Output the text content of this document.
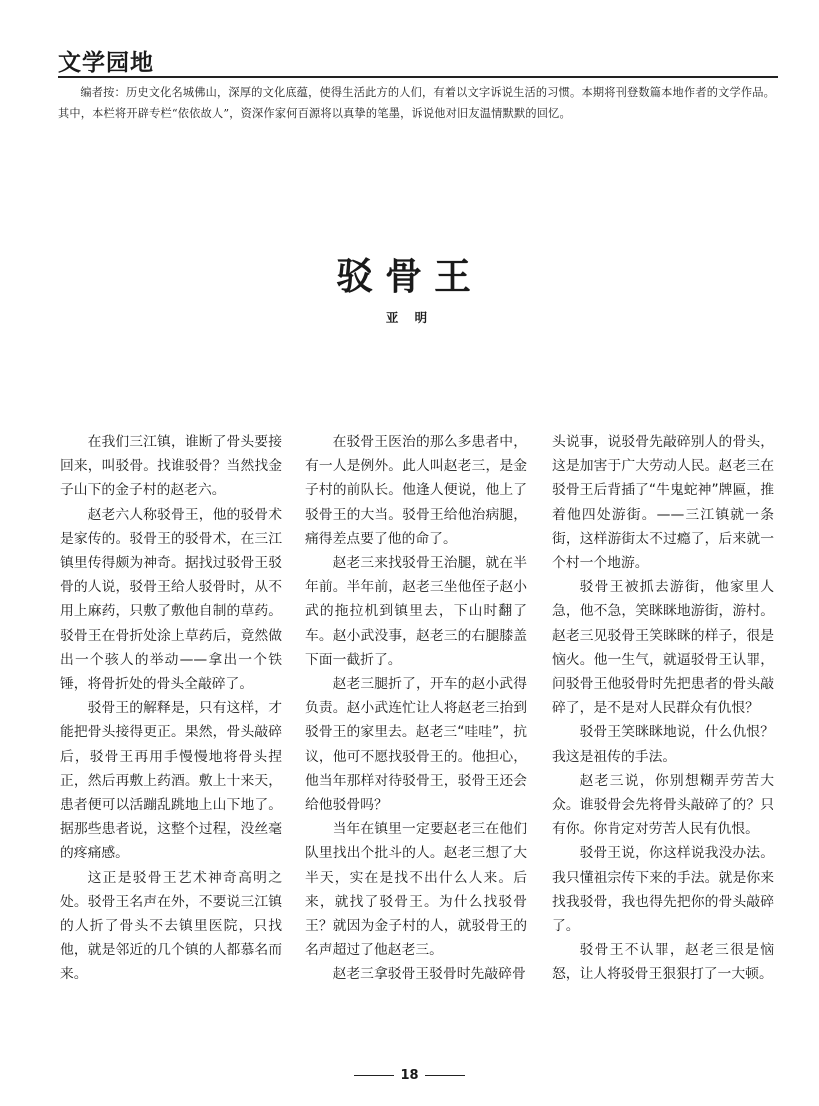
文学园地
编者按：历史文化名城佛山，深厚的文化底蕴，使得生活此方的人们，有着以文字诉说生活的习惯。本期将刊登数篇本地作者的文学作品。其中，本栏将开辟专栏“依依故人”，资深作家何百源将以真挚的笔墨，诉说他对旧友温情默默的回忆。
驳骨王
亚 明

在我们三江镇，谁断了骨头要接回来，叫驳骨。找谁驳骨？当然找金子山下的金子村的赵老六。

赵老六人称驳骨王，他的驳骨术是家传的。驳骨王的驳骨术，在三江镇里传得颇为神奇。据找过驳骨王驳骨的人说，驳骨王给人驳骨时，从不用上麻药，只敷了敷他自制的草药。驳骨王在骨折处涂上草药后，竟然做出一个骇人的举动——拿出一个铁锤，将骨折处的骨头全敲碎了。

驳骨王的解释是，只有这样，才能把骨头接得更正。果然，骨头敲碎后，驳骨王再用手慢慢地将骨头捏正，然后再敷上药酒。敷上十来天，患者便可以活蹦乱跳地上山下地了。据那些患者说，这整个过程，没丝毫的疼痛感。

这正是驳骨王艺术神奇高明之处。驳骨王名声在外，不要说三江镇的人折了骨头不去镇里医院，只找他，就是邻近的几个镇的人都慕名而来。

在驳骨王医治的那么多患者中，有一人是例外。此人叫赵老三，是金子村的前队长。他逢人便说，他上了驳骨王的大当。驳骨王给他治病腿，痛得差点要了他的命了。

赵老三来找驳骨王治腿，就在半年前。半年前，赵老三坐他侄子赵小武的拖拉机到镇里去，下山时翻了车。赵小武没事，赵老三的右腿膝盖下面一截折了。

赵老三腿折了，开车的赵小武得负责。赵小武连忙让人将赵老三抬到驳骨王的家里去。赵老三“哇哇”，抗议，他可不愿找驳骨王的。他担心，他当年那样对待驳骨王，驳骨王还会给他驳骨吗？

当年在镇里一定要赵老三在他们队里找出个批斗的人。赵老三想了大半天，实在是找不出什么人来。后来，就找了驳骨王。为什么找驳骨王？就因为金子村的人，就驳骨王的名声超过了他赵老三。

赵老三拿驳骨王驳骨时先敲碎骨

头说事，说驳骨先敲碎别人的骨头，这是加害于广大劳动人民。赵老三在驳骨王后背插了“牛鬼蛇神”牌匾，推着他四处游街。——三江镇就一条街，这样游街太不过瘾了，后来就一个村一个地游。

驳骨王被抓去游街，他家里人急，他不急，笑眯眯地游街，游村。赵老三见驳骨王笑眯眯的样子，很是恼火。他一生气，就逼驳骨王认罪，问驳骨王他驳骨时先把患者的骨头敲碎了，是不是对人民群众有仇恨？

驳骨王笑眯眯地说，什么仇恨？我这是祖传的手法。

赵老三说，你别想糊弄劳苦大众。谁驳骨会先将骨头敲碎了的？只有你。你肯定对劳苦人民有仇恨。

驳骨王说，你这样说我没办法。我只懂祖宗传下来的手法。就是你来找我驳骨，我也得先把你的骨头敲碎了。

驳骨王不认罪，赵老三很是恼怒，让人将驳骨王狠狠打了一大顿。

18
